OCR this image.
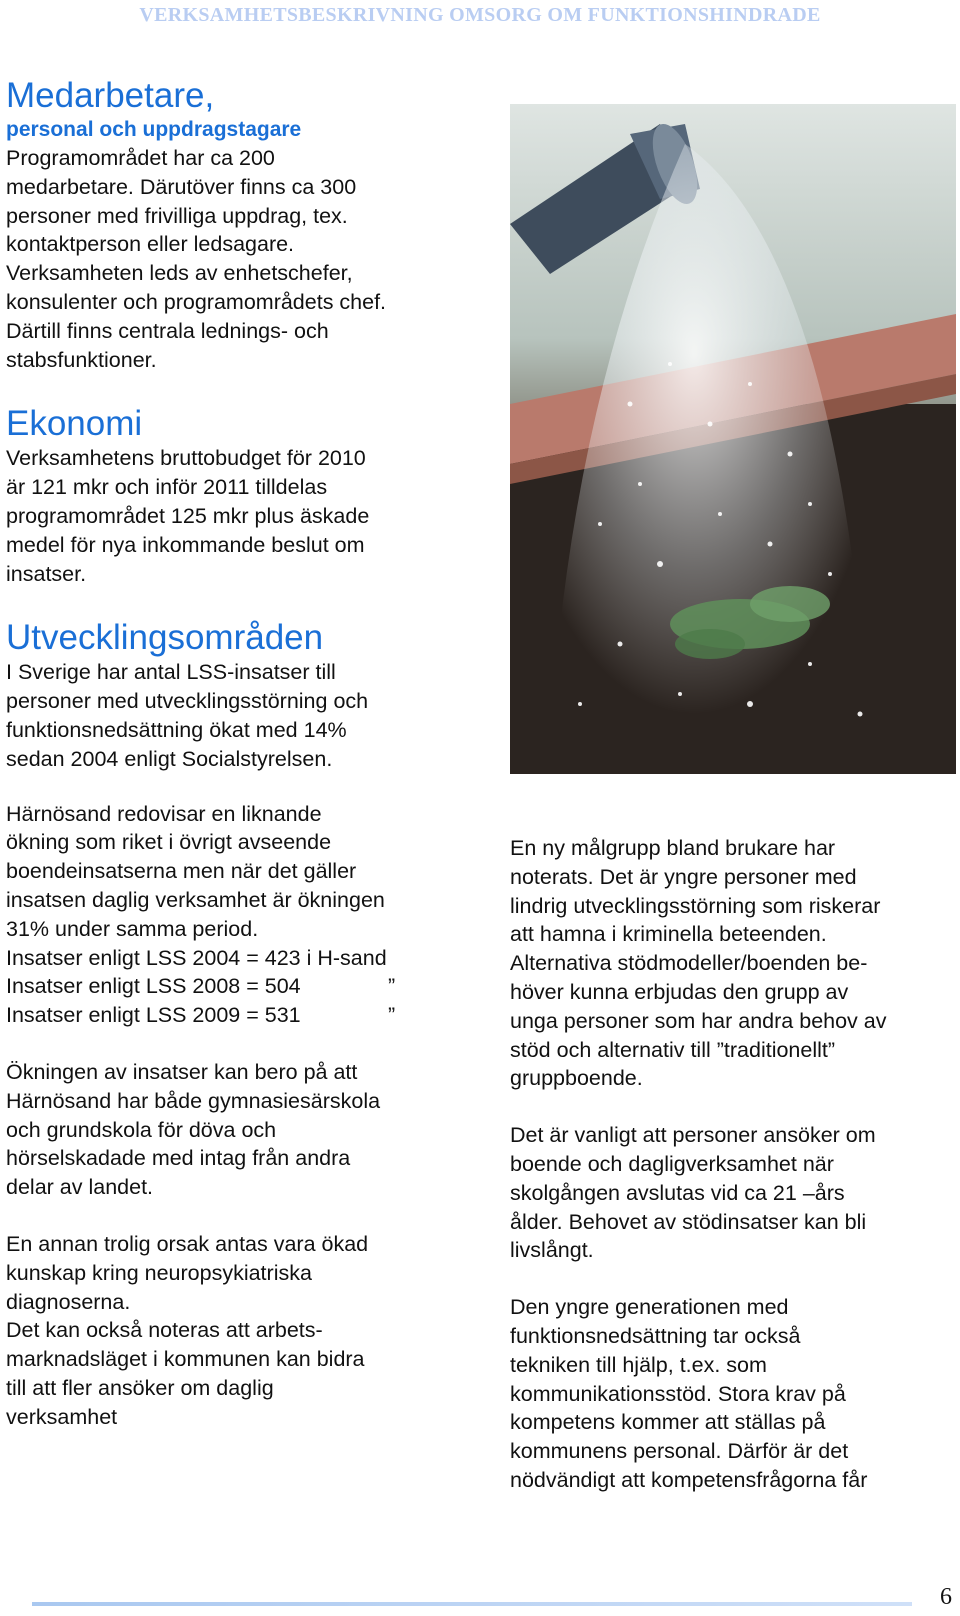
VERKSAMHETSBESKRIVNING OMSORG OM FUNKTIONSHINDRADE
Medarbetare,
personal och uppdragstagare

Programområdet har ca 200

medarbetare. Därutöver finns ca 300

personer med frivilliga uppdrag, tex.

kontaktperson eller ledsagare.

Verksamheten leds av enhetschefer,

konsulenter och programområdets chef.

Därtill finns centrala lednings- och

stabsfunktioner.

Ekonomi

Verksamhetens bruttobudget för 2010

är 121 mkr och inför 2011 tilldelas

programområdet 125 mkr plus äskade

medel för nya inkommande beslut om

insatser.

Utvecklingsområden

I Sverige har antal LSS-insatser till

personer med utvecklingsstörning och

funktionsnedsättning ökat med 14%

sedan 2004 enligt Socialstyrelsen.

Härnösand redovisar en liknande

ökning som riket i övrigt avseende

boendeinsatserna men när det gäller

insatsen daglig verksamhet är ökningen

31% under samma period.

Insatser enligt LSS 2004 = 423 i H-sand

Insatser enligt LSS 2008 = 504	”

Insatser enligt LSS 2009 = 531	”

Ökningen av insatser kan bero på att

Härnösand har både gymnasiesärskola

och grundskola för döva och

hörselskadade med intag från andra

delar av landet.

En annan trolig orsak antas vara ökad

kunskap kring neuropsykiatriska

diagnoserna.

Det kan också noteras att arbets-

marknadsläget i kommunen kan bidra

till att fler ansöker om daglig

verksamhet

En ny målgrupp bland brukare har

noterats. Det är yngre personer med

lindrig utvecklingsstörning som riskerar

att hamna i kriminella beteenden.

Alternativa stödmodeller/boenden be-

höver kunna erbjudas den grupp av

unga personer som har andra behov av

stöd och alternativ till ”traditionellt”

gruppboende.

Det är vanligt att personer ansöker om

boende och dagligverksamhet när

skolgången avslutas vid ca 21 –års

ålder. Behovet av stödinsatser kan bli

livslångt.

Den yngre generationen med

funktionsnedsättning tar också

tekniken till hjälp, t.ex. som

kommunikationsstöd. Stora krav på

kompetens kommer att ställas på

kommunens personal. Därför är det

nödvändigt att kompetensfrågorna får

6
